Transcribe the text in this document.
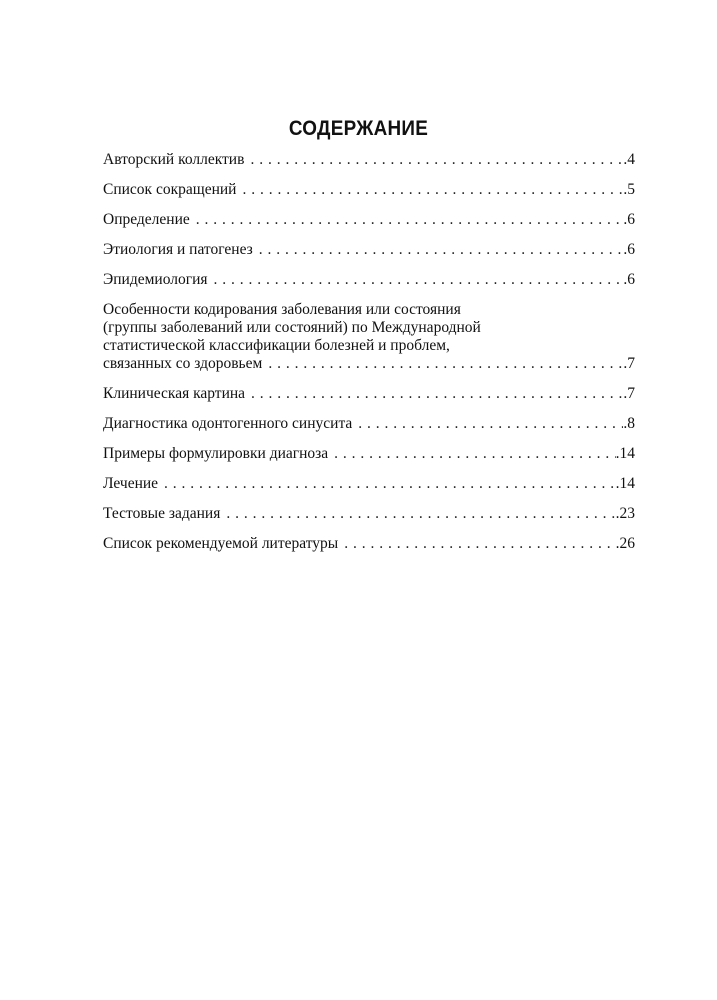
СОДЕРЖАНИЕ
Авторский коллектив . . .	.4
Список сокращений . . .	.5
Определение . . .	.6
Этиология и патогенез . . .	.6
Эпидемиология . . .	.6
Особенности кодирования заболевания или состояния
(группы заболеваний или состояний) по Международной
статистической классификации болезней и проблем,
связанных со здоровьем . . .	.7
Клиническая картина . . .	.7
Диагностика одонтогенного синусита . . .	.8
Примеры формулировки диагноза . . .	.14
Лечение . . .	.14
Тестовые задания . . .	.23
Список рекомендуемой литературы . . .	.26
